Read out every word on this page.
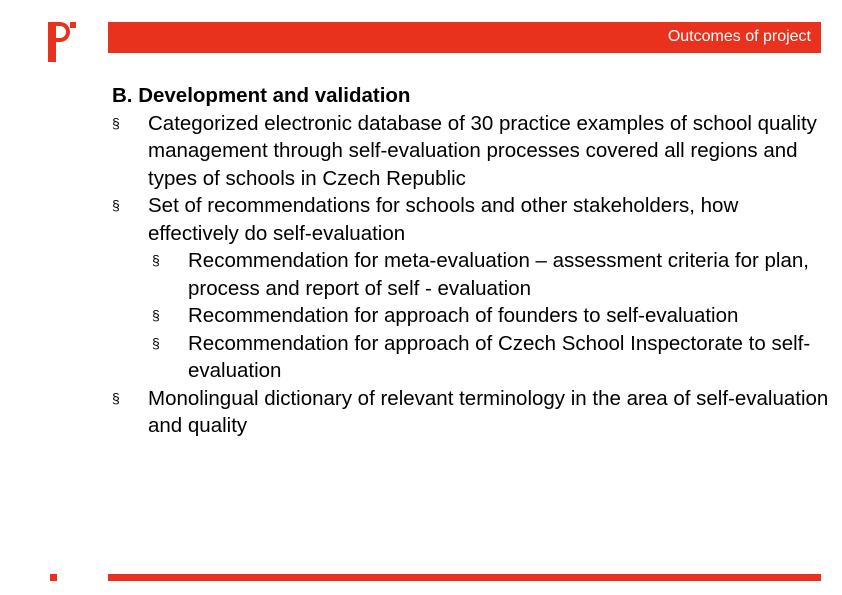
AE
Outcomes of project

B. Development and validation

§ Categorized electronic database of 30 practice examples of school quality management through self-evaluation processes covered all regions and types of schools in Czech Republic
§ Set of recommendations for schools and other stakeholders, how effectively do self-evaluation
§ Recommendation for meta-evaluation – assessment criteria for plan, process and report of self - evaluation
§ Recommendation for approach of founders to self-evaluation
§ Recommendation for approach of Czech School Inspectorate to self-evaluation
§ Monolingual dictionary of relevant terminology in the area of self-evaluation and quality
